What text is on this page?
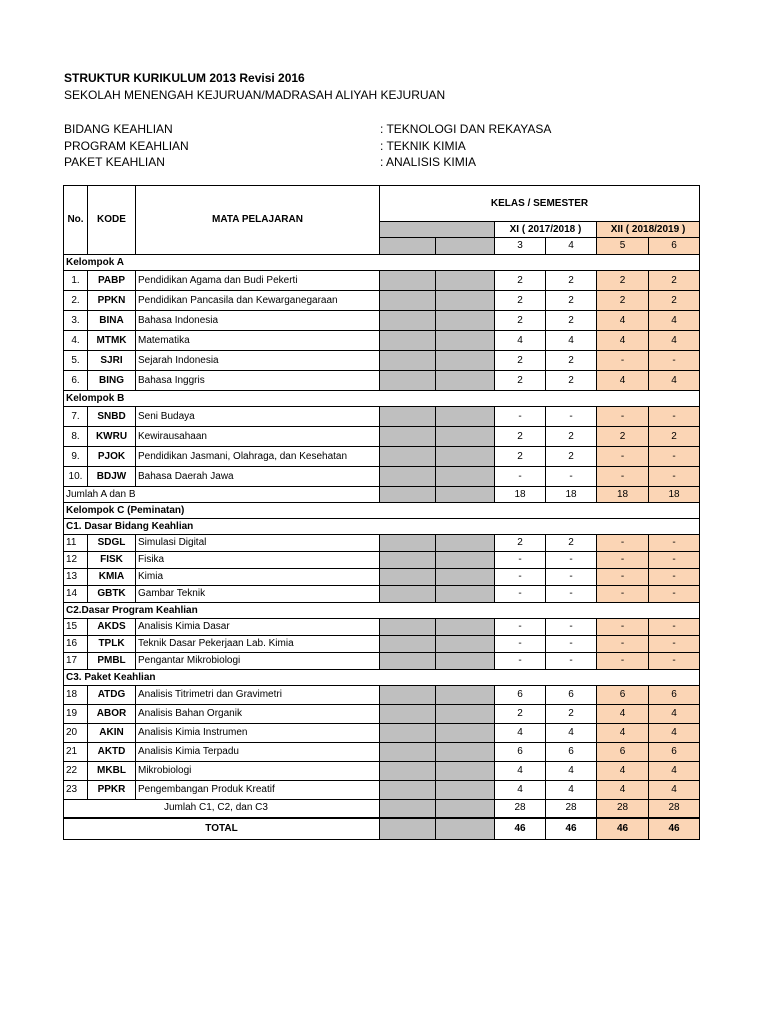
STRUKTUR KURIKULUM 2013 Revisi 2016
SEKOLAH MENENGAH KEJURUAN/MADRASAH ALIYAH KEJURUAN
BIDANG KEAHLIAN	: TEKNOLOGI DAN REKAYASA
PROGRAM KEAHLIAN	: TEKNIK KIMIA
PAKET KEAHLIAN	: ANALISIS KIMIA
No.	KODE	MATA PELAJARAN	KELAS / SEMESTER					
					XI ( 2017/2018 )		XII ( 2018/2019 )	
					3	4	5	6
Kelompok A								
1.	PABP	Pendidikan Agama dan Budi Pekerti			2	2	2	2
2.	PPKN	Pendidikan Pancasila dan Kewarganegaraan			2	2	2	2
3.	BINA	Bahasa Indonesia			2	2	4	4
4.	MTMK	Matematika			4	4	4	4
5.	SJRI	Sejarah Indonesia			2	2	-	-
6.	BING	Bahasa Inggris			2	2	4	4
Kelompok B								
7.	SNBD	Seni Budaya			-	-	-	-
8.	KWRU	Kewirausahaan			2	2	2	2
9.	PJOK	Pendidikan Jasmani, Olahraga, dan Kesehatan			2	2	-	-
10.	BDJW	Bahasa Daerah Jawa			-	-	-	-
Jumlah A dan B					18	18	18	18
Kelompok C (Peminatan)								
C1. Dasar Bidang Keahlian								
11	SDGL	Simulasi Digital			2	2	-	-
12	FISK	Fisika			-	-	-	-
13	KMIA	Kimia			-	-	-	-
14	GBTK	Gambar Teknik			-	-	-	-
C2.Dasar Program Keahlian								
15	AKDS	Analisis Kimia Dasar			-	-	-	-
16	TPLK	Teknik Dasar Pekerjaan Lab. Kimia			-	-	-	-
17	PMBL	Pengantar Mikrobiologi			-	-	-	-
C3. Paket Keahlian								
18	ATDG	Analisis Titrimetri dan Gravimetri			6	6	6	6
19	ABOR	Analisis Bahan Organik			2	2	4	4
20	AKIN	Analisis Kimia Instrumen			4	4	4	4
21	AKTD	Analisis Kimia Terpadu			6	6	6	6
22	MKBL	Mikrobiologi			4	4	4	4
23	PPKR	Pengembangan Produk Kreatif			4	4	4	4
Jumlah C1, C2, dan C3					28	28	28	28
TOTAL					46	46	46	46
